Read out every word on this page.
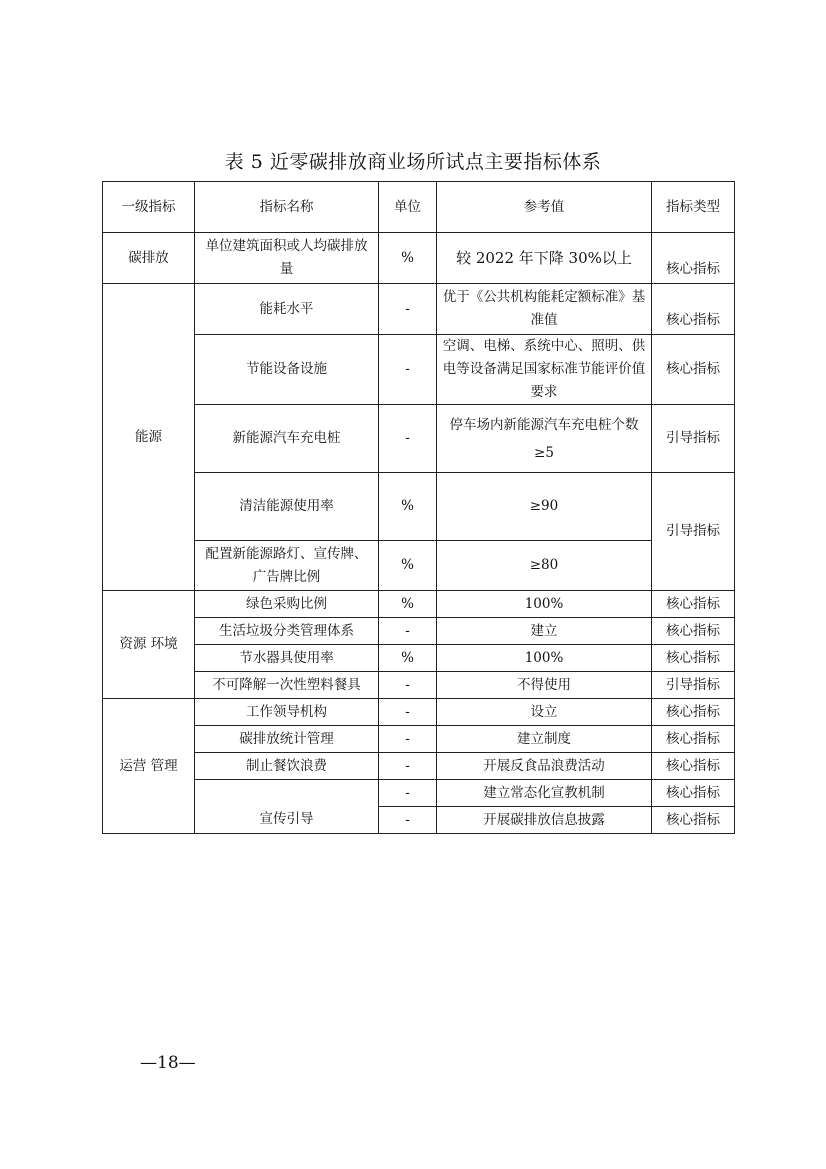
表 5 近零碳排放商业场所试点主要指标体系
一级指标	指标名称	单位	参考值	指标类型
碳排放	单位建筑面积或人均碳排放量	%	较 2022 年下降 30%以上	核心指标
能源	能耗水平	-	优于《公共机构能耗定额标准》基准值	核心指标
	节能设备设施	-	空调、电梯、系统中心、照明、供电等设备满足国家标准节能评价值要求	核心指标
	新能源汽车充电桩	-	停车场内新能源汽车充电桩个数≥5	引导指标
	清洁能源使用率	%	≥90	引导指标
	配置新能源路灯、宣传牌、广告牌比例	%	≥80	
资源 环境	绿色采购比例	%	100%	核心指标
	生活垃圾分类管理体系	-	建立	核心指标
	节水器具使用率	%	100%	核心指标
	不可降解一次性塑料餐具	-	不得使用	引导指标
运营 管理	工作领导机构	-	设立	核心指标
	碳排放统计管理	-	建立制度	核心指标
	制止餐饮浪费	-	开展反食品浪费活动	核心指标
	宣传引导	-	建立常态化宣教机制	核心指标
		-	开展碳排放信息披露	核心指标
—18—
